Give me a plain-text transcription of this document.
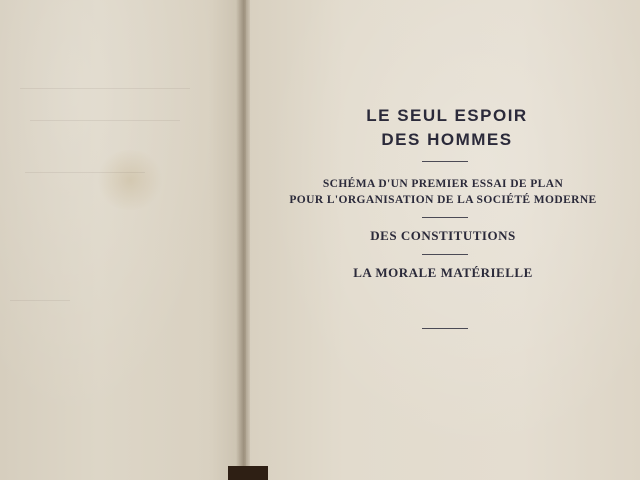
LE SEUL ESPOIR

DES HOMMES

SCHÉMA D'UN PREMIER ESSAI DE PLAN

POUR L'ORGANISATION DE LA SOCIÉTÉ MODERNE

DES CONSTITUTIONS

LA MORALE MATÉRIELLE
